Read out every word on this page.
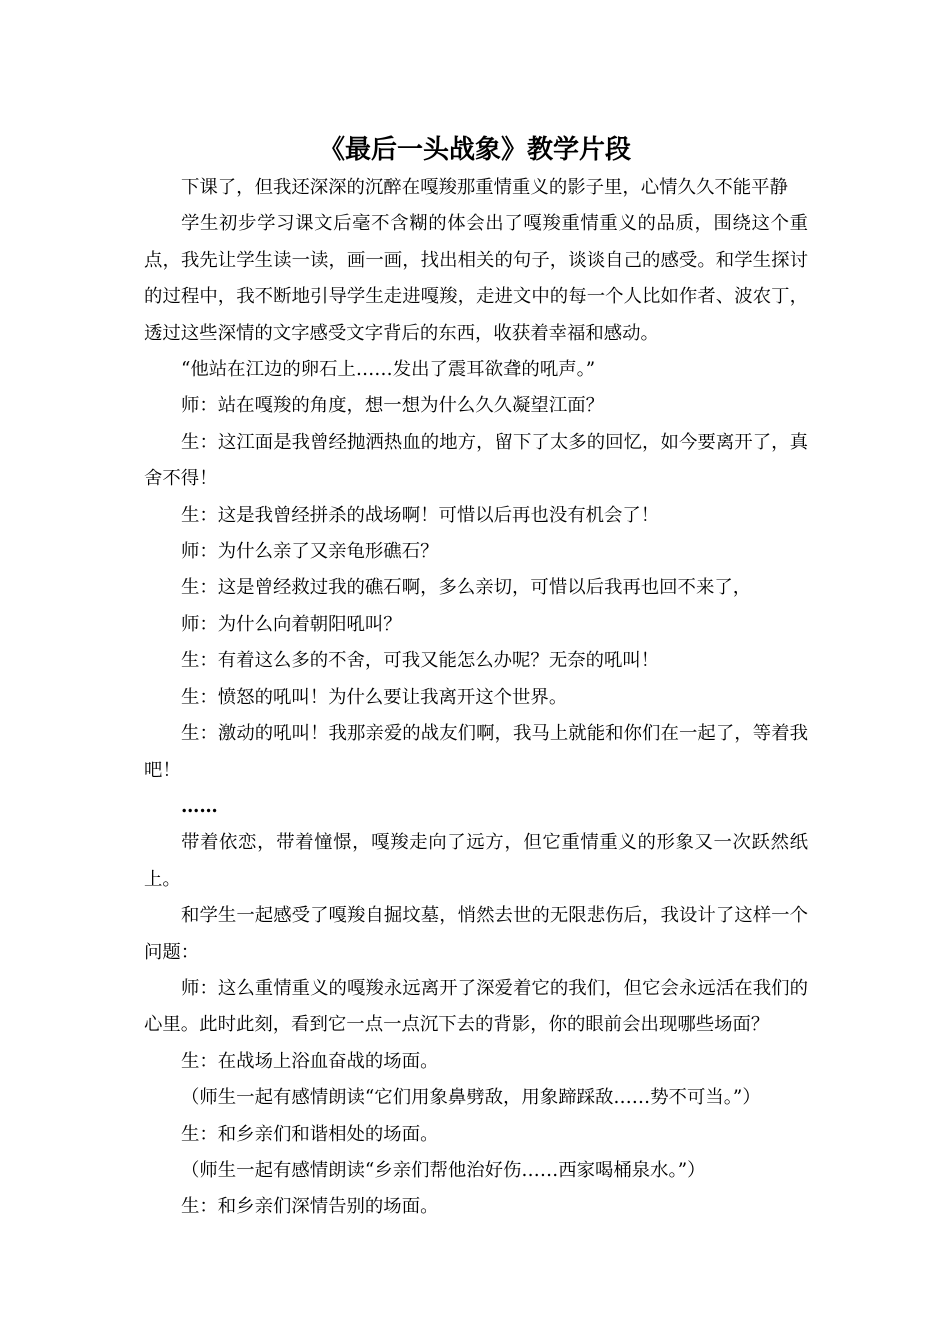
《最后一头战象》教学片段

下课了，但我还深深的沉醉在嘎羧那重情重义的影子里，心情久久不能平静

学生初步学习课文后毫不含糊的体会出了嘎羧重情重义的品质，围绕这个重点，我先让学生读一读，画一画，找出相关的句子，谈谈自己的感受。和学生探讨的过程中，我不断地引导学生走进嘎羧，走进文中的每一个人比如作者、波农丁，透过这些深情的文字感受文字背后的东西，收获着幸福和感动。

“他站在江边的卵石上……发出了震耳欲聋的吼声。”

师：站在嘎羧的角度，想一想为什么久久凝望江面？

生：这江面是我曾经抛洒热血的地方，留下了太多的回忆，如今要离开了，真舍不得！

生：这是我曾经拼杀的战场啊！可惜以后再也没有机会了！

师：为什么亲了又亲龟形礁石？

生：这是曾经救过我的礁石啊，多么亲切，可惜以后我再也回不来了，

师：为什么向着朝阳吼叫？

生：有着这么多的不舍，可我又能怎么办呢？无奈的吼叫！

生：愤怒的吼叫！为什么要让我离开这个世界。

生：激动的吼叫！我那亲爱的战友们啊，我马上就能和你们在一起了，等着我吧！

……

带着依恋，带着憧憬，嘎羧走向了远方，但它重情重义的形象又一次跃然纸上。

和学生一起感受了嘎羧自掘坟墓，悄然去世的无限悲伤后，我设计了这样一个问题：

师：这么重情重义的嘎羧永远离开了深爱着它的我们，但它会永远活在我们的心里。此时此刻，看到它一点一点沉下去的背影，你的眼前会出现哪些场面？

生：在战场上浴血奋战的场面。

（师生一起有感情朗读“它们用象鼻劈敌，用象蹄踩敌……势不可当。”）

生：和乡亲们和谐相处的场面。

（师生一起有感情朗读“乡亲们帮他治好伤……西家喝桶泉水。”）

生：和乡亲们深情告别的场面。
